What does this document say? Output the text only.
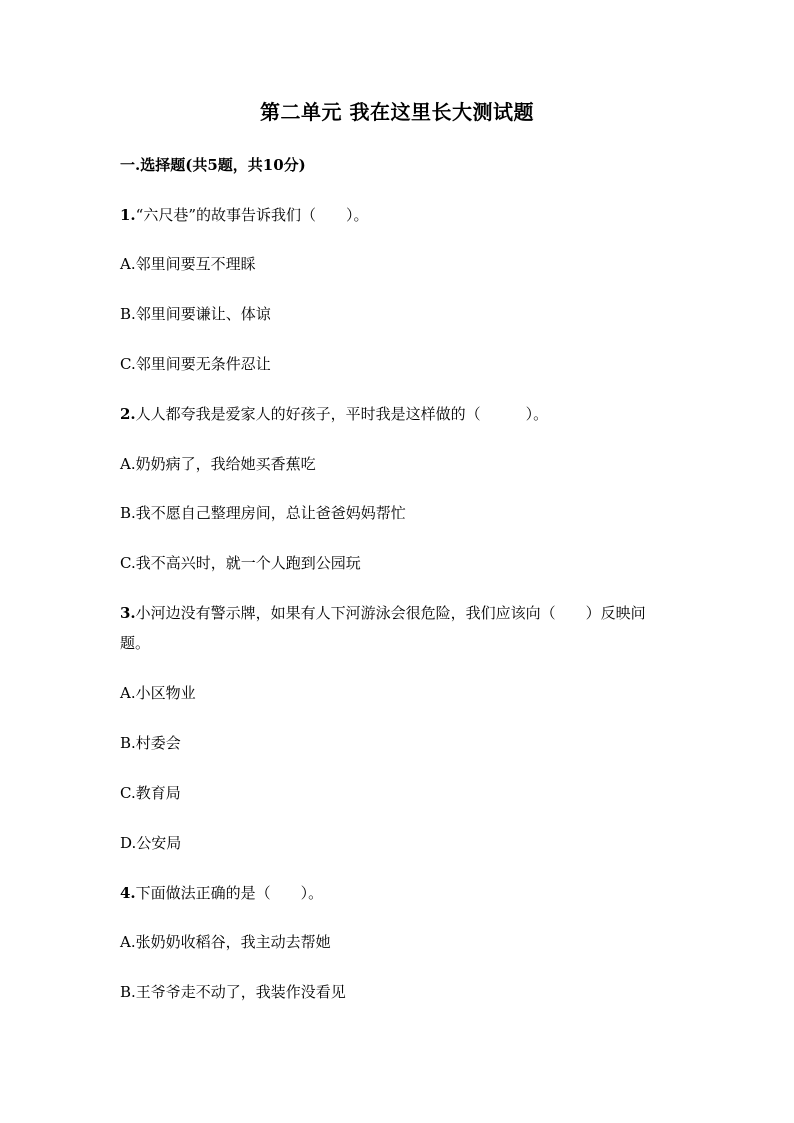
第二单元 我在这里长大测试题
一.选择题(共5题，共10分)
1.“六尺巷”的故事告诉我们（　　）。
A.邻里间要互不理睬
B.邻里间要谦让、体谅
C.邻里间要无条件忍让
2.人人都夸我是爱家人的好孩子，平时我是这样做的（　　　）。
A.奶奶病了，我给她买香蕉吃
B.我不愿自己整理房间，总让爸爸妈妈帮忙
C.我不高兴时，就一个人跑到公园玩
3.小河边没有警示牌，如果有人下河游泳会很危险，我们应该向（　　）反映问
题。
A.小区物业
B.村委会
C.教育局
D.公安局
4.下面做法正确的是（　　）。
A.张奶奶收稻谷，我主动去帮她
B.王爷爷走不动了，我装作没看见
